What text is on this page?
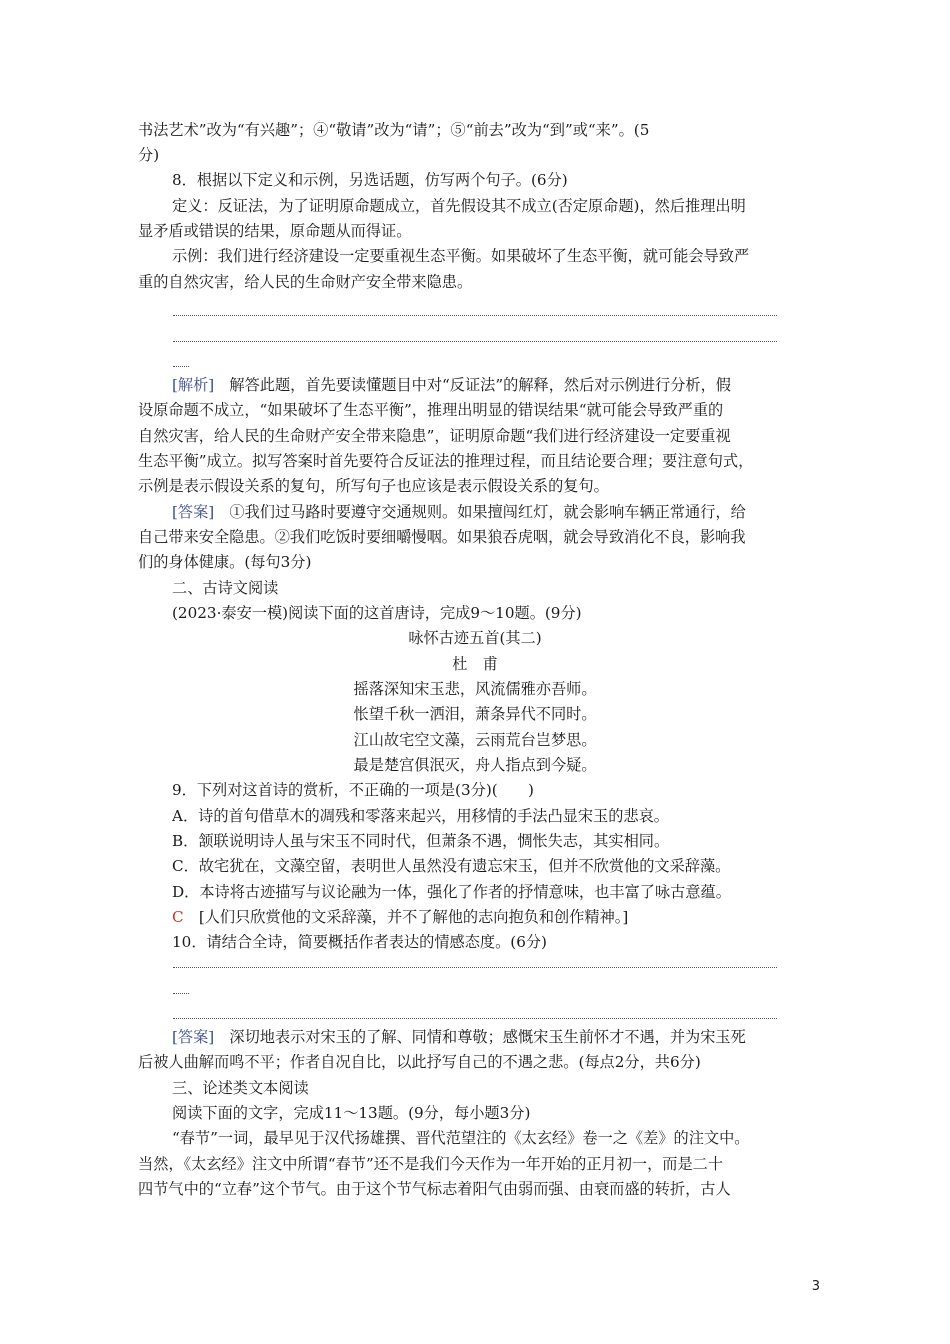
书法艺术”改为“有兴趣”；④“敬请”改为“请”；⑤“前去”改为“到”或“来”。(5
分)
8．根据以下定义和示例，另选话题，仿写两个句子。(6分)
定义：反证法，为了证明原命题成立，首先假设其不成立(否定原命题)，然后推理出明
显矛盾或错误的结果，原命题从而得证。
示例：我们进行经济建设一定要重视生态平衡。如果破坏了生态平衡，就可能会导致严
重的自然灾害，给人民的生命财产安全带来隐患。
[解析]　解答此题，首先要读懂题目中对“反证法”的解释，然后对示例进行分析，假
设原命题不成立，“如果破坏了生态平衡”，推理出明显的错误结果“就可能会导致严重的
自然灾害，给人民的生命财产安全带来隐患”，证明原命题“我们进行经济建设一定要重视
生态平衡”成立。拟写答案时首先要符合反证法的推理过程，而且结论要合理；要注意句式，
示例是表示假设关系的复句，所写句子也应该是表示假设关系的复句。
[答案]　①我们过马路时要遵守交通规则。如果擅闯红灯，就会影响车辆正常通行，给
自己带来安全隐患。②我们吃饭时要细嚼慢咽。如果狼吞虎咽，就会导致消化不良，影响我
们的身体健康。(每句3分)
二、古诗文阅读
(2023·泰安一模)阅读下面的这首唐诗，完成9～10题。(9分)
咏怀古迹五首(其二)
杜　甫
摇落深知宋玉悲，风流儒雅亦吾师。
怅望千秋一洒泪，萧条异代不同时。
江山故宅空文藻，云雨荒台岂梦思。
最是楚宫俱泯灭，舟人指点到今疑。
9．下列对这首诗的赏析，不正确的一项是(3分)(　　)
A．诗的首句借草木的凋残和零落来起兴，用移情的手法凸显宋玉的悲哀。
B．颔联说明诗人虽与宋玉不同时代，但萧条不遇，惆怅失志，其实相同。
C．故宅犹在，文藻空留，表明世人虽然没有遗忘宋玉，但并不欣赏他的文采辞藻。
D．本诗将古迹描写与议论融为一体，强化了作者的抒情意味，也丰富了咏古意蕴。
C　[人们只欣赏他的文采辞藻，并不了解他的志向抱负和创作精神。]
10．请结合全诗，简要概括作者表达的情感态度。(6分)
[答案]　深切地表示对宋玉的了解、同情和尊敬；感慨宋玉生前怀才不遇，并为宋玉死
后被人曲解而鸣不平；作者自况自比，以此抒写自己的不遇之悲。(每点2分，共6分)
三、论述类文本阅读
阅读下面的文字，完成11～13题。(9分，每小题3分)
“春节”一词，最早见于汉代扬雄撰、晋代范望注的《太玄经》卷一之《差》的注文中。
当然，《太玄经》注文中所谓“春节”还不是我们今天作为一年开始的正月初一，而是二十
四节气中的“立春”这个节气。由于这个节气标志着阳气由弱而强、由衰而盛的转折，古人
3
